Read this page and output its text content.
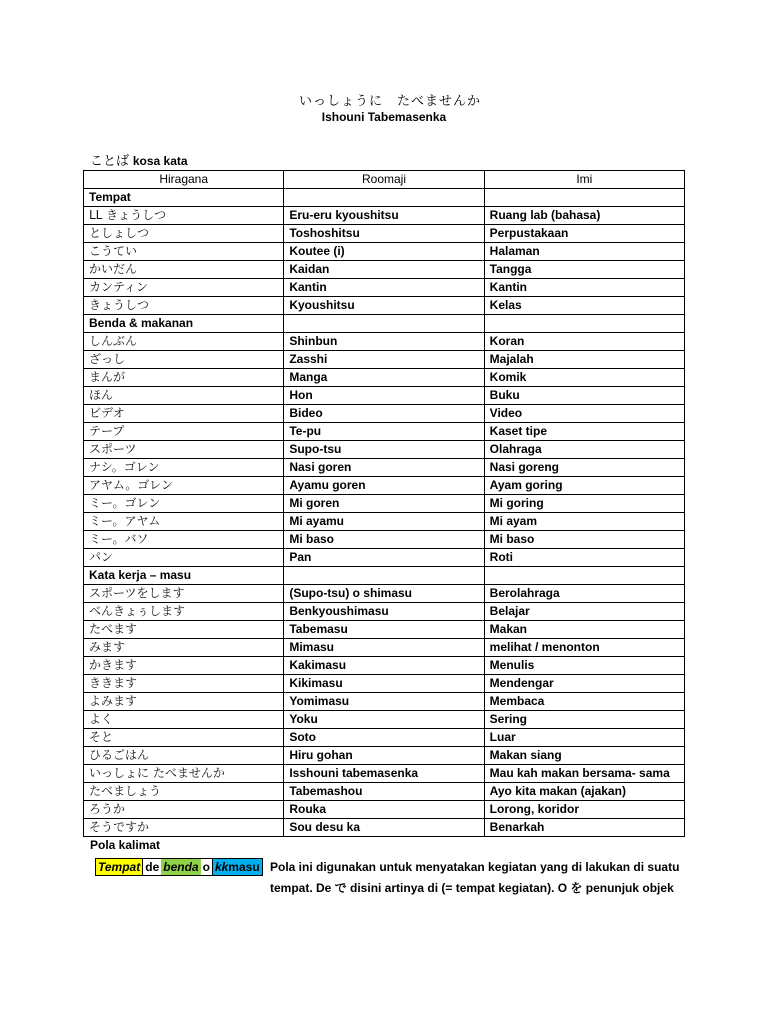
いっしょうに　たべませんか
Ishouni Tabemasenka
ことば kosa kata
Hiragana	Roomaji	Imi
Tempat		
LL きょうしつ	Eru-eru kyoushitsu	Ruang lab (bahasa)
としょしつ	Toshoshitsu	Perpustakaan
こうてい	Koutee (i)	Halaman
かいだん	Kaidan	Tangga
カンティン	Kantin	Kantin
きょうしつ	Kyoushitsu	Kelas
Benda & makanan		
しんぶん	Shinbun	Koran
ざっし	Zasshi	Majalah
まんが	Manga	Komik
ほん	Hon	Buku
ビデオ	Bideo	Video
テープ	Te-pu	Kaset tipe
スポーツ	Supo-tsu	Olahraga
ナシ。ゴレン	Nasi goren	Nasi goreng
アヤム。ゴレン	Ayamu goren	Ayam goring
ミー。ゴレン	Mi goren	Mi goring
ミー。アヤム	Mi ayamu	Mi ayam
ミー。バソ	Mi baso	Mi baso
パン	Pan	Roti
Kata kerja – masu		
スポーツをします	(Supo-tsu) o shimasu	Berolahraga
べんきょぅします	Benkyoushimasu	Belajar
たべます	Tabemasu	Makan
みます	Mimasu	melihat / menonton
かきます	Kakimasu	Menulis
ききます	Kikimasu	Mendengar
よみます	Yomimasu	Membaca
よく	Yoku	Sering
そと	Soto	Luar
ひるごはん	Hiru gohan	Makan siang
いっしょに たべませんか	Isshouni tabemasenka	Mau kah makan bersama- sama
たべましょう	Tabemashou	Ayo kita makan (ajakan)
ろうか	Rouka	Lorong, koridor
そうですか	Sou desu ka	Benarkah
Pola kalimat
Tempat de benda o kkmasu Pola ini digunakan untuk menyatakan kegiatan yang di lakukan di suatu tempat. De で disini artinya di (= tempat kegiatan). O を penunjuk objek
